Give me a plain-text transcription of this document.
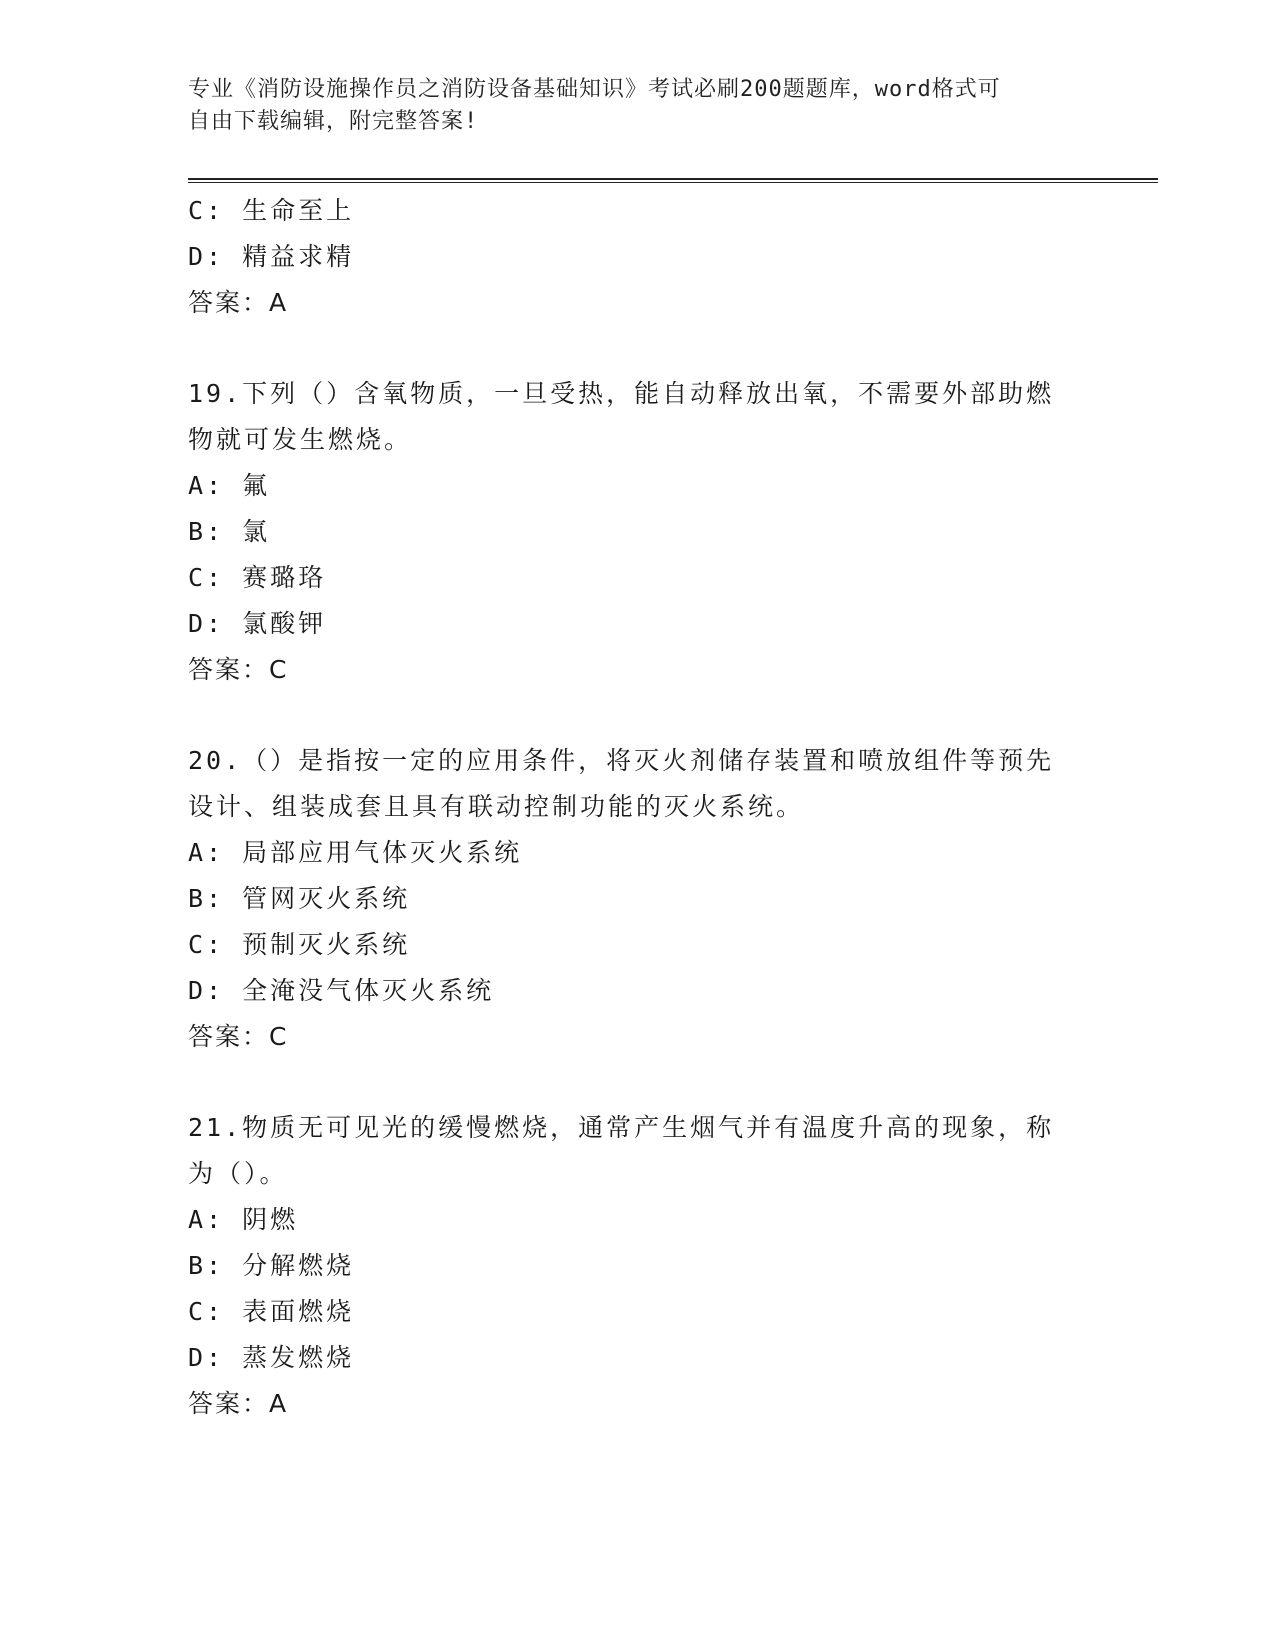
专业《消防设施操作员之消防设备基础知识》考试必刷200题题库，word格式可
自由下载编辑，附完整答案!
C: 生命至上
D: 精益求精
答案：A
19.下列（）含氧物质，一旦受热，能自动释放出氧，不需要外部助燃
物就可发生燃烧。
A: 氟
B: 氯
C: 赛璐珞
D: 氯酸钾
答案：C
20.（）是指按一定的应用条件，将灭火剂储存装置和喷放组件等预先
设计、组装成套且具有联动控制功能的灭火系统。
A: 局部应用气体灭火系统
B: 管网灭火系统
C: 预制灭火系统
D: 全淹没气体灭火系统
答案：C
21.物质无可见光的缓慢燃烧，通常产生烟气并有温度升高的现象，称
为（）。
A: 阴燃
B: 分解燃烧
C: 表面燃烧
D: 蒸发燃烧
答案：A
